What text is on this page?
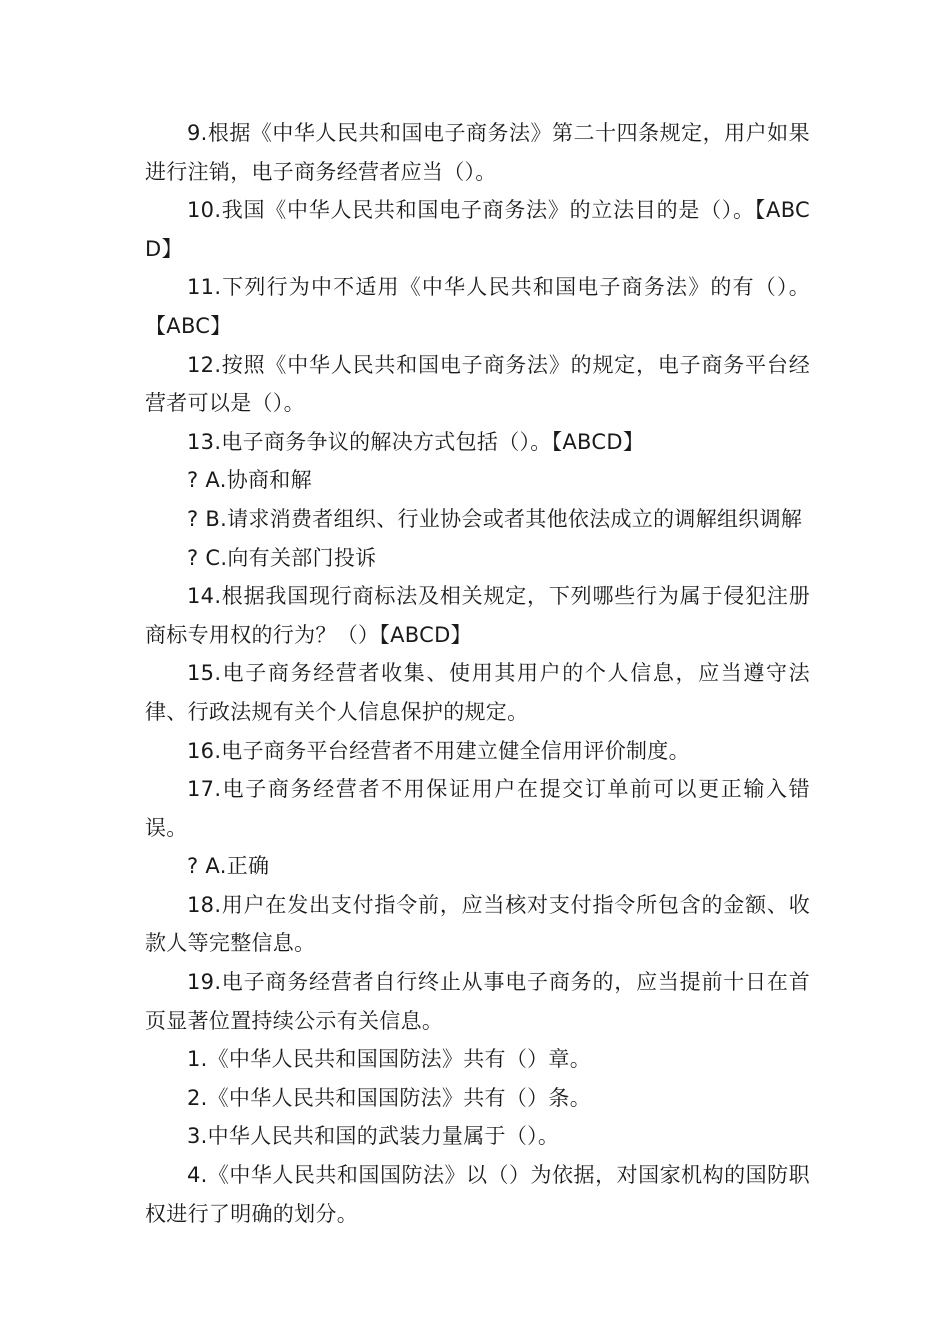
9.根据《中华人民共和国电子商务法》第二十四条规定，用户如果进行注销，电子商务经营者应当（）。

10.我国《中华人民共和国电子商务法》的立法目的是（）。【ABCD】

11.下列行为中不适用《中华人民共和国电子商务法》的有（）。【ABC】

12.按照《中华人民共和国电子商务法》的规定，电子商务平台经营者可以是（）。

13.电子商务争议的解决方式包括（）。【ABCD】

? A.协商和解

? B.请求消费者组织、行业协会或者其他依法成立的调解组织调解

? C.向有关部门投诉

14.根据我国现行商标法及相关规定，下列哪些行为属于侵犯注册商标专用权的行为？（）【ABCD】

15.电子商务经营者收集、使用其用户的个人信息，应当遵守法律、行政法规有关个人信息保护的规定。

16.电子商务平台经营者不用建立健全信用评价制度。

17.电子商务经营者不用保证用户在提交订单前可以更正输入错误。

? A.正确

18.用户在发出支付指令前，应当核对支付指令所包含的金额、收款人等完整信息。

19.电子商务经营者自行终止从事电子商务的，应当提前十日在首页显著位置持续公示有关信息。

1.《中华人民共和国国防法》共有（）章。

2.《中华人民共和国国防法》共有（）条。

3.中华人民共和国的武装力量属于（）。

4.《中华人民共和国国防法》以（）为依据，对国家机构的国防职权进行了明确的划分。
